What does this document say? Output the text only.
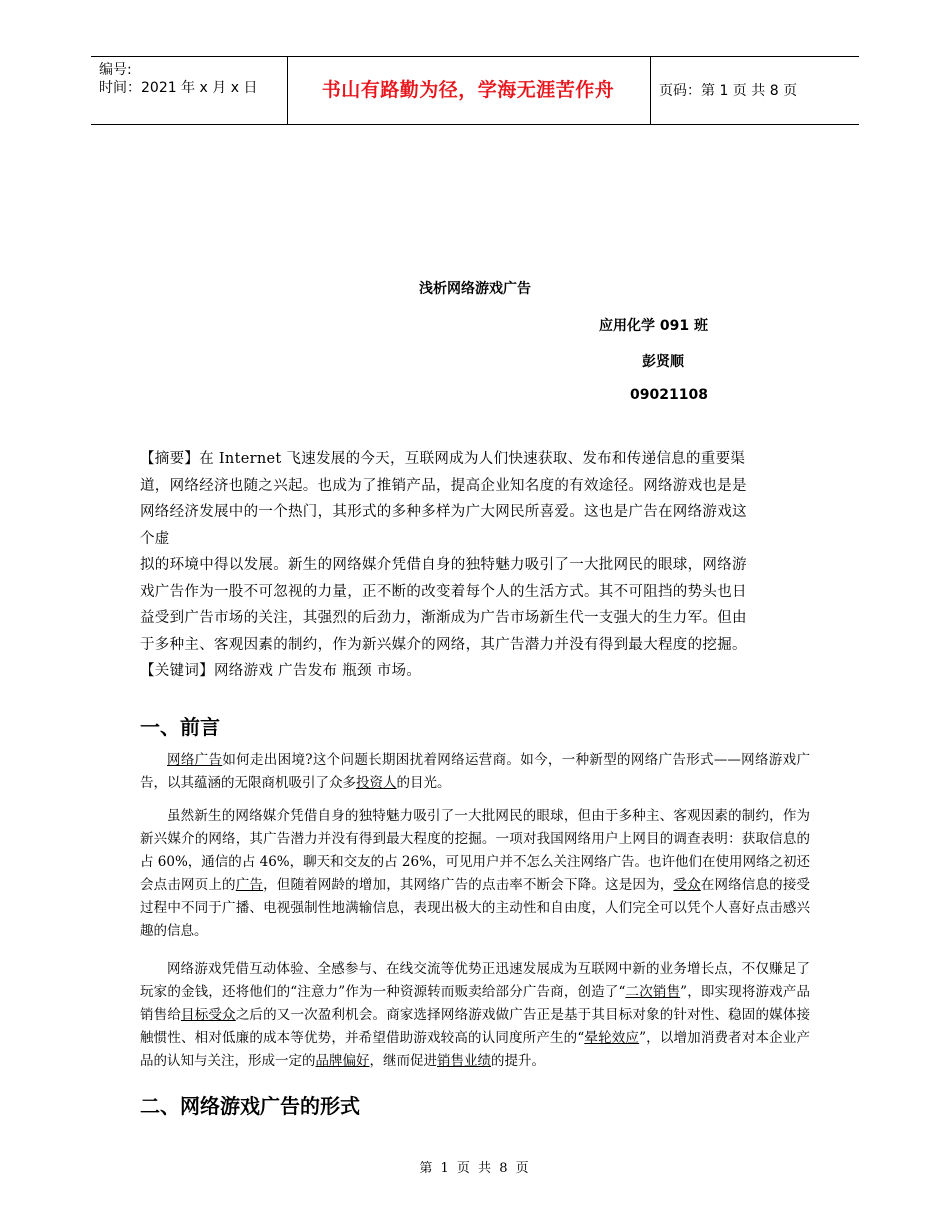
编号:
时间：2021 年 x 月 x 日	书山有路勤为径，学海无涯苦作舟	页码：第 1 页 共 8 页
浅析网络游戏广告
应用化学 091 班
彭贤顺
09021108

【摘要】在 Internet 飞速发展的今天，互联网成为人们快速获取、发布和传递信息的重要渠

道，网络经济也随之兴起。也成为了推销产品，提高企业知名度的有效途径。网络游戏也是是

网络经济发展中的一个热门，其形式的多种多样为广大网民所喜爱。这也是广告在网络游戏这

个虚

拟的环境中得以发展。新生的网络媒介凭借自身的独特魅力吸引了一大批网民的眼球，网络游

戏广告作为一股不可忽视的力量，正不断的改变着每个人的生活方式。其不可阻挡的势头也日

益受到广告市场的关注，其强烈的后劲力，渐渐成为广告市场新生代一支强大的生力军。但由

于多种主、客观因素的制约，作为新兴媒介的网络，其广告潜力并没有得到最大程度的挖掘。

【关键词】网络游戏 广告发布 瓶颈 市场。

一、前言

网络广告如何走出困境?这个问题长期困扰着网络运营商。如今，一种新型的网络广告形式——网络游戏广告，以其蕴涵的无限商机吸引了众多投资人的目光。

虽然新生的网络媒介凭借自身的独特魅力吸引了一大批网民的眼球，但由于多种主、客观因素的制约，作为新兴媒介的网络，其广告潜力并没有得到最大程度的挖掘。一项对我国网络用户上网目的调查表明：获取信息的占 60%，通信的占 46%，聊天和交友的占 26%，可见用户并不怎么关注网络广告。也许他们在使用网络之初还会点击网页上的广告，但随着网龄的增加，其网络广告的点击率不断会下降。这是因为，受众在网络信息的接受过程中不同于广播、电视强制性地满输信息，表现出极大的主动性和自由度，人们完全可以凭个人喜好点击感兴趣的信息。

网络游戏凭借互动体验、全感参与、在线交流等优势正迅速发展成为互联网中新的业务增长点，不仅赚足了玩家的金钱，还将他们的“注意力”作为一种资源转而贩卖给部分广告商，创造了“二次销售”，即实现将游戏产品销售给目标受众之后的又一次盈利机会。商家选择网络游戏做广告正是基于其目标对象的针对性、稳固的媒体接触惯性、相对低廉的成本等优势，并希望借助游戏较高的认同度所产生的“晕轮效应”，以增加消费者对本企业产品的认知与关注，形成一定的品牌偏好，继而促进销售业绩的提升。

二、网络游戏广告的形式
第 1 页 共 8 页
